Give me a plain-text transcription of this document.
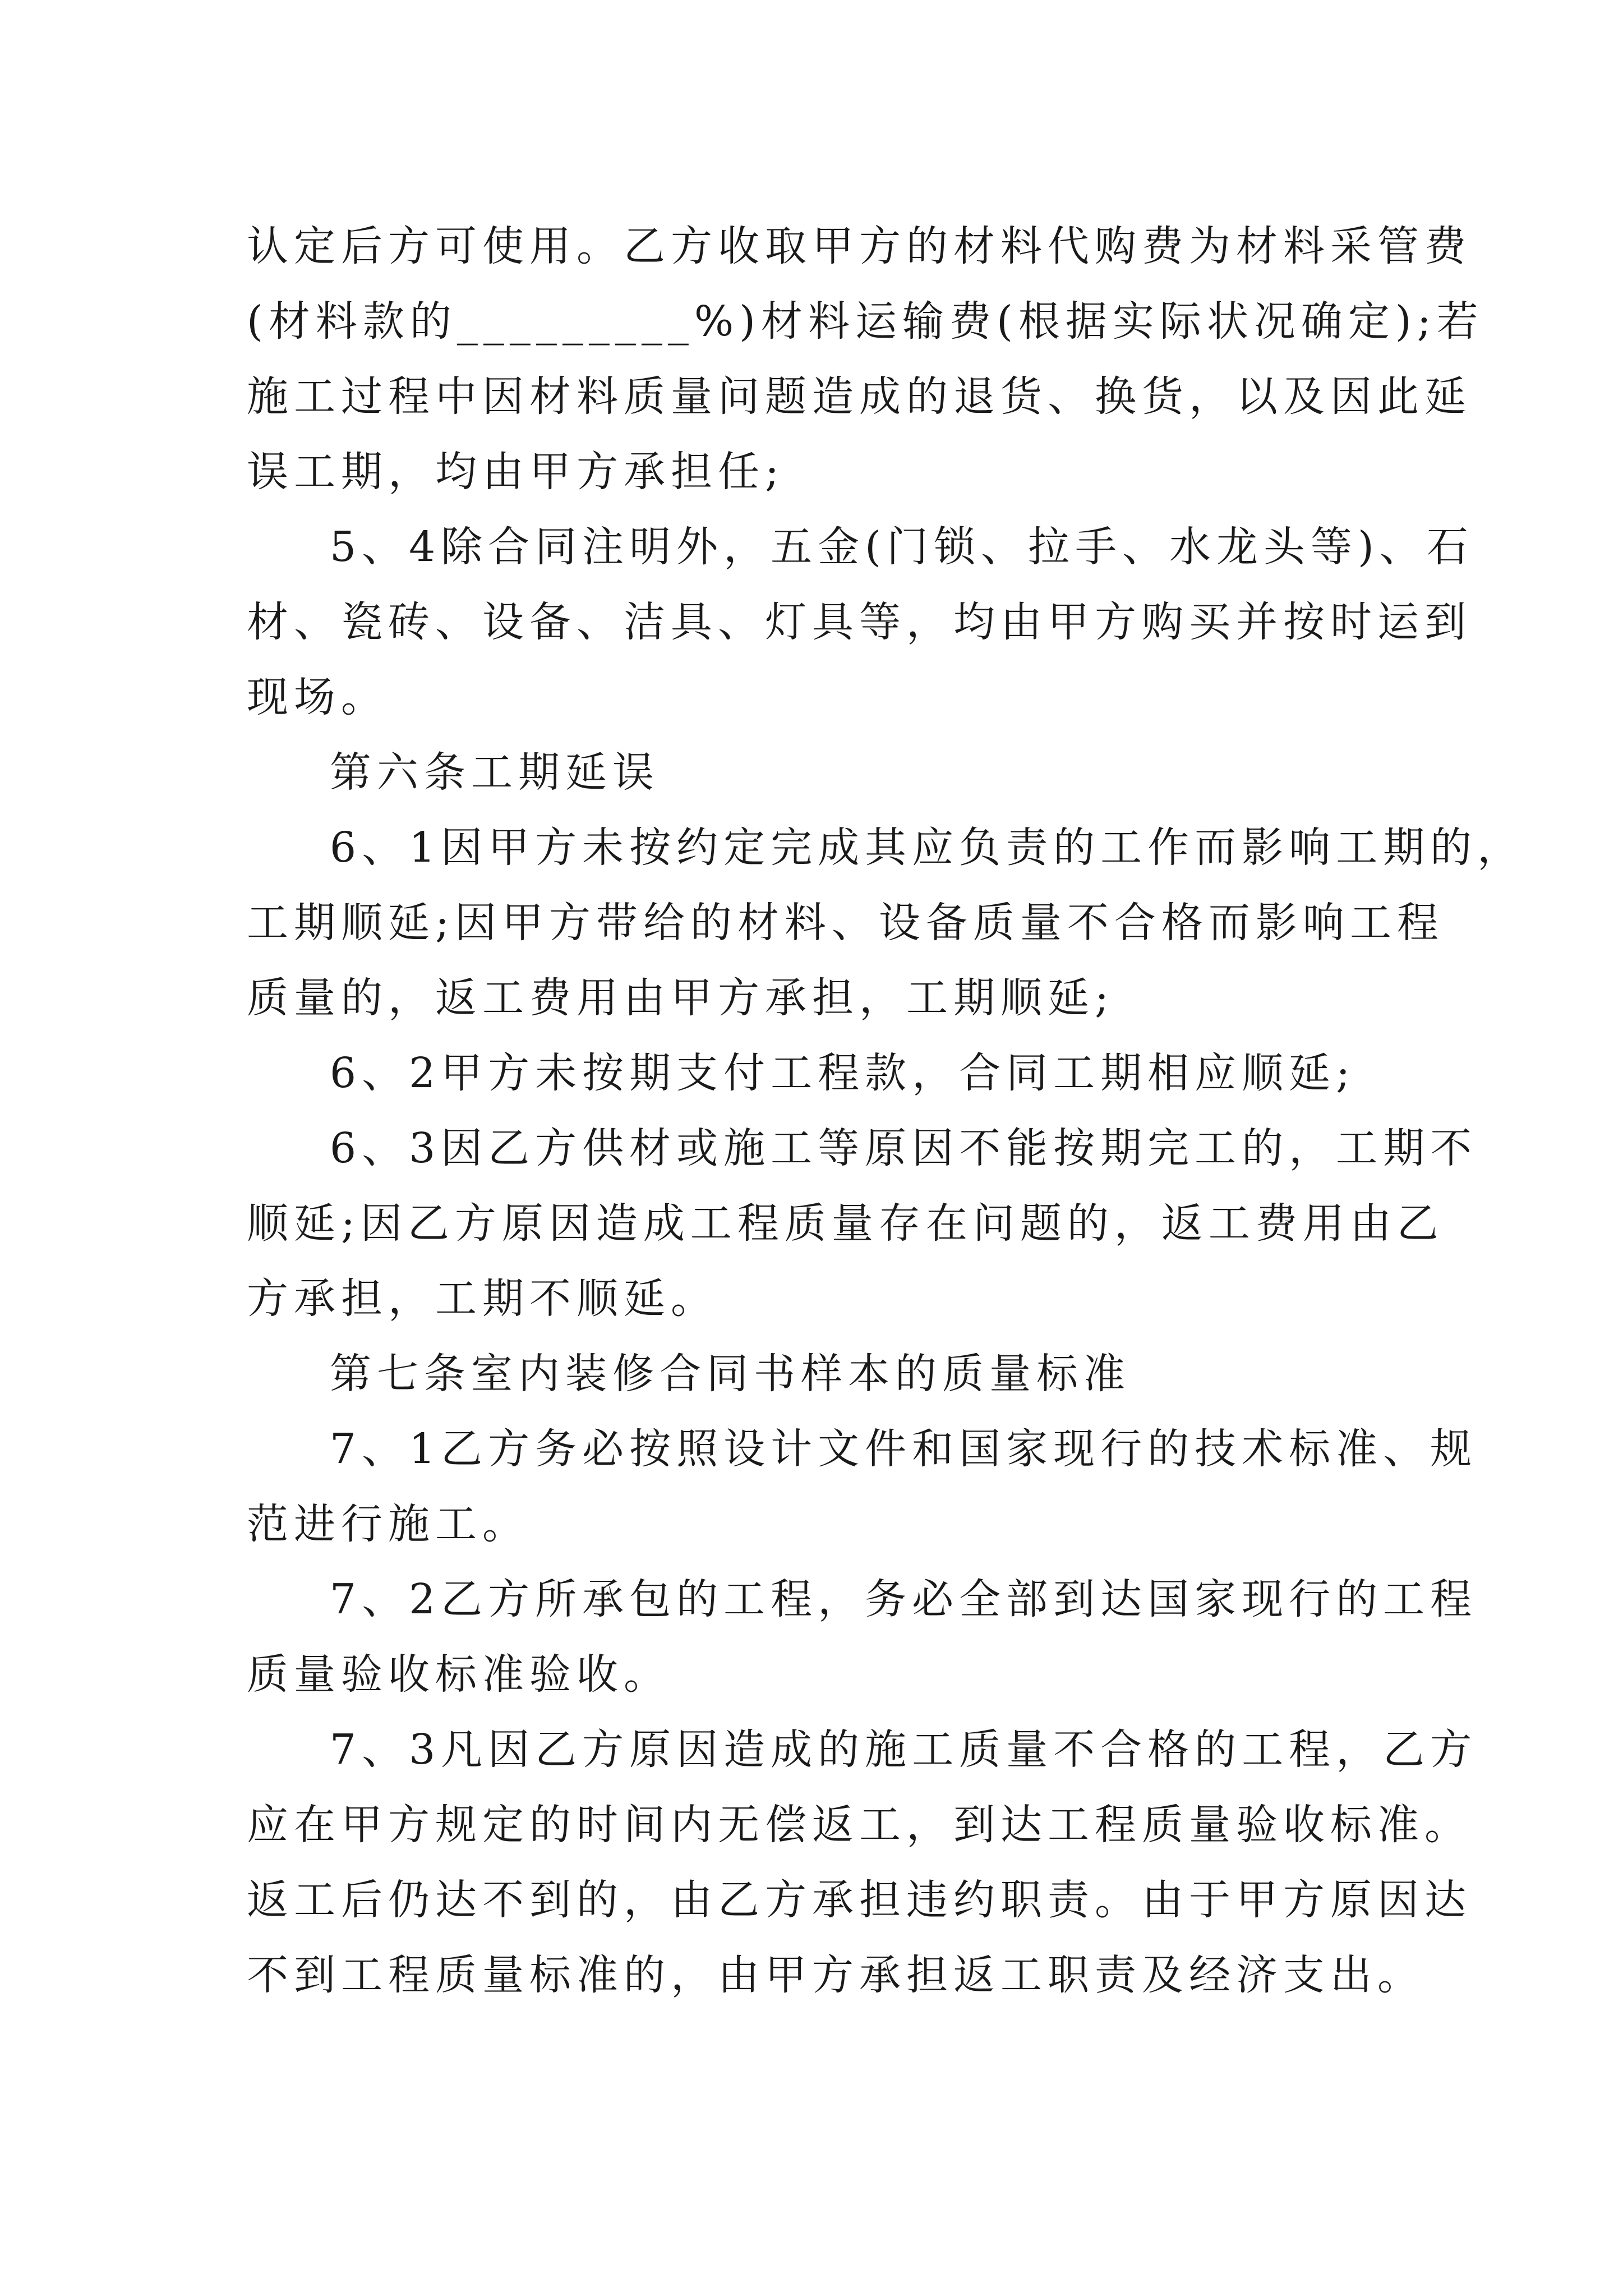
认定后方可使用。乙方收取甲方的材料代购费为材料采管费
(材料款的_________%)材料运输费(根据实际状况确定);若
施工过程中因材料质量问题造成的退货、换货，以及因此延
误工期，均由甲方承担任;
5、4除合同注明外，五金(门锁、拉手、水龙头等)、石
材、瓷砖、设备、洁具、灯具等，均由甲方购买并按时运到
现场。
第六条工期延误
6、1因甲方未按约定完成其应负责的工作而影响工期的，
工期顺延;因甲方带给的材料、设备质量不合格而影响工程
质量的，返工费用由甲方承担，工期顺延;
6、2甲方未按期支付工程款，合同工期相应顺延;
6、3因乙方供材或施工等原因不能按期完工的，工期不
顺延;因乙方原因造成工程质量存在问题的，返工费用由乙
方承担，工期不顺延。
第七条室内装修合同书样本的质量标准
7、1乙方务必按照设计文件和国家现行的技术标准、规
范进行施工。
7、2乙方所承包的工程，务必全部到达国家现行的工程
质量验收标准验收。
7、3凡因乙方原因造成的施工质量不合格的工程，乙方
应在甲方规定的时间内无偿返工，到达工程质量验收标准。
返工后仍达不到的，由乙方承担违约职责。由于甲方原因达
不到工程质量标准的，由甲方承担返工职责及经济支出。
